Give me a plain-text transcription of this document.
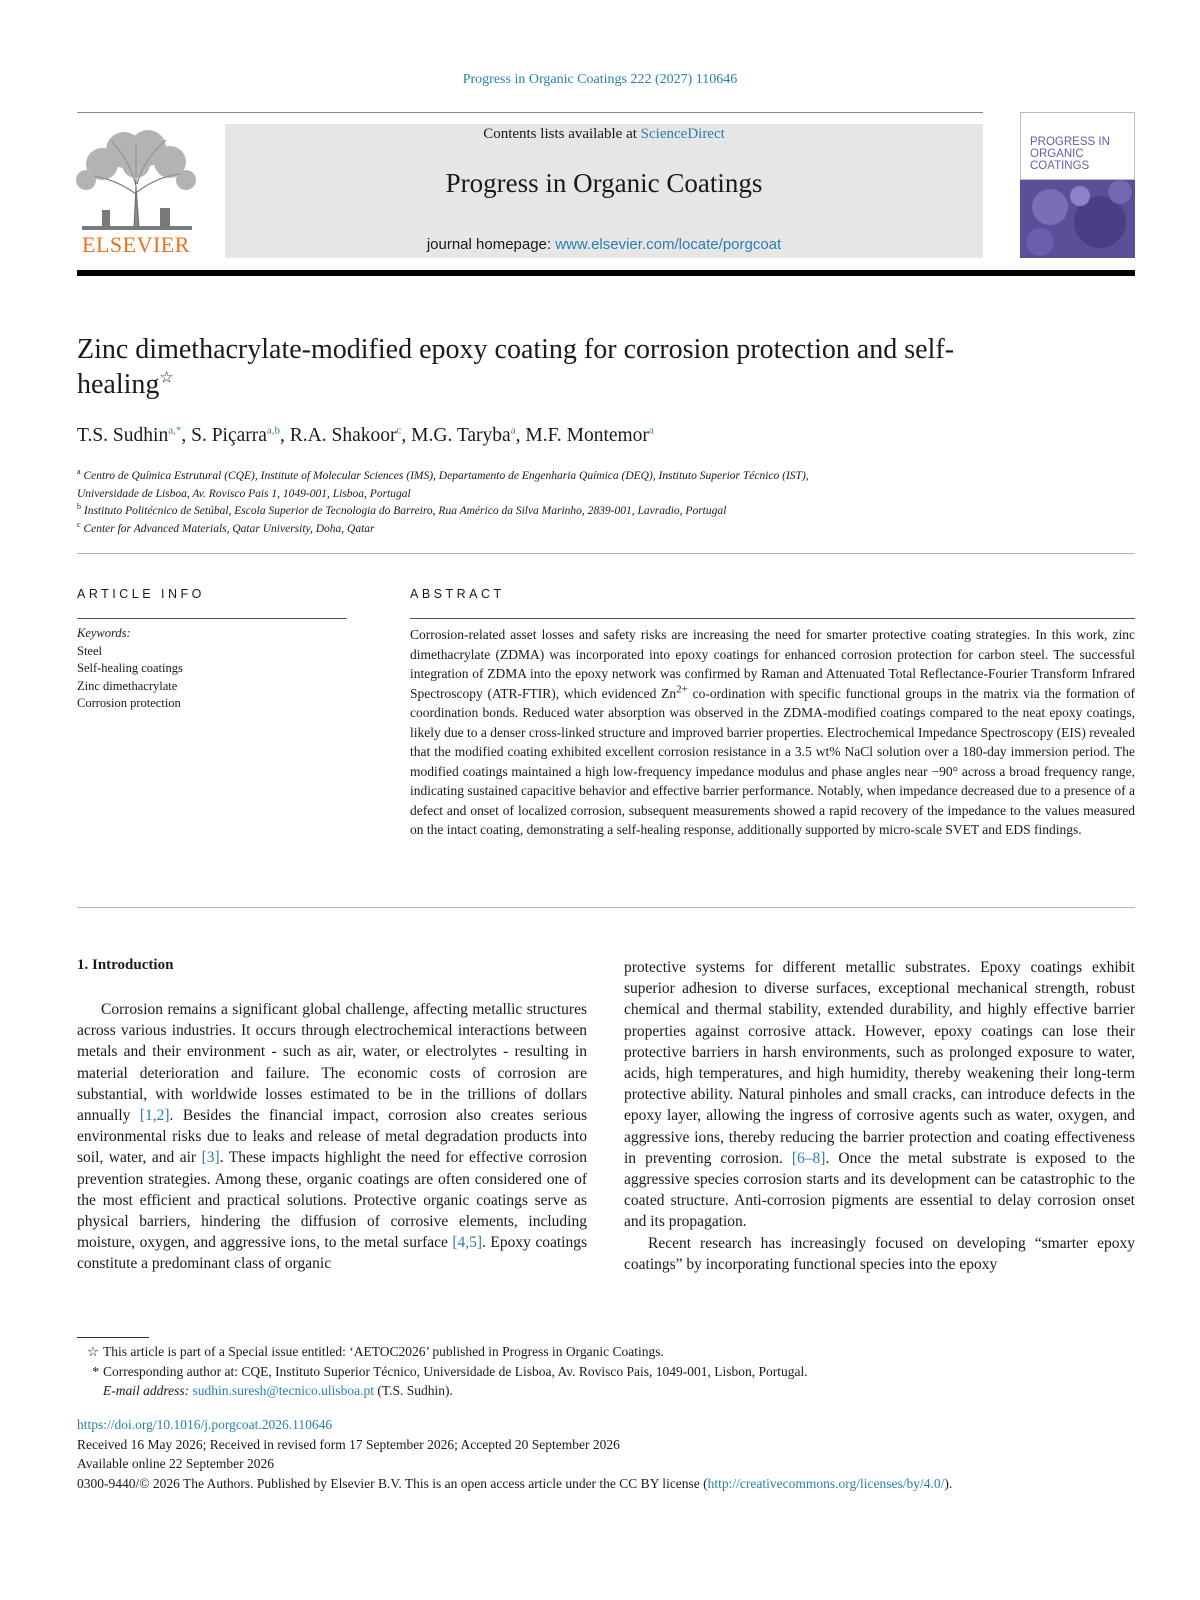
Progress in Organic Coatings 222 (2027) 110646
ELSEVIER
Contents lists available at ScienceDirect
Progress in Organic Coatings
journal homepage: www.elsevier.com/locate/porgcoat
PROGRESS IN ORGANIC COATINGS
Zinc dimethacrylate-modified epoxy coating for corrosion protection and self-healing☆
T.S. Sudhin$^{a,*}$, S. Piçarra$^{a,b}$, R.A. Shakoor$^c$, M.G. Taryba$^a$, M.F. Montemor$^a$
$^a$ Centro de Química Estrutural (CQE), Institute of Molecular Sciences (IMS), Departamento de Engenharia Química (DEQ), Instituto Superior Técnico (IST),
Universidade de Lisboa, Av. Rovisco Pais 1, 1049-001, Lisboa, Portugal
$^b$ Instituto Politécnico de Setúbal, Escola Superior de Tecnologia do Barreiro, Rua Américo da Silva Marinho, 2839-001, Lavradio, Portugal
$^c$ Center for Advanced Materials, Qatar University, Doha, Qatar
ARTICLE INFO
Keywords:
Steel
Self-healing coatings
Zinc dimethacrylate
Corrosion protection
ABSTRACT
Corrosion-related asset losses and safety risks are increasing the need for smarter protective coating strategies. In this work, zinc dimethacrylate (ZDMA) was incorporated into epoxy coatings for enhanced corrosion protection for carbon steel. The successful integration of ZDMA into the epoxy network was confirmed by Raman and Attenuated Total Reflectance-Fourier Transform Infrared Spectroscopy (ATR-FTIR), which evidenced $Zn^{2+}$ co-ordination with specific functional groups in the matrix via the formation of coordination bonds. Reduced water absorption was observed in the ZDMA-modified coatings compared to the neat epoxy coatings, likely due to a denser cross-linked structure and improved barrier properties. Electrochemical Impedance Spectroscopy (EIS) revealed that the modified coating exhibited excellent corrosion resistance in a 3.5 wt% NaCl solution over a 180-day immersion period. The modified coatings maintained a high low-frequency impedance modulus and phase angles near −90° across a broad frequency range, indicating sustained capacitive behavior and effective barrier performance. Notably, when impedance decreased due to a presence of a defect and onset of localized corrosion, subsequent measurements showed a rapid recovery of the impedance to the values measured on the intact coating, demonstrating a self-healing response, additionally supported by micro-scale SVET and EDS findings.
1. Introduction

Corrosion remains a significant global challenge, affecting metallic structures across various industries. It occurs through electrochemical interactions between metals and their environment - such as air, water, or electrolytes - resulting in material deterioration and failure. The economic costs of corrosion are substantial, with worldwide losses estimated to be in the trillions of dollars annually [1,2]. Besides the financial impact, corrosion also creates serious environmental risks due to leaks and release of metal degradation products into soil, water, and air [3]. These impacts highlight the need for effective corrosion prevention strategies. Among these, organic coatings are often considered one of the most efficient and practical solutions. Protective organic coatings serve as physical barriers, hindering the diffusion of corrosive elements, including moisture, oxygen, and aggressive ions, to the metal surface [4,5]. Epoxy coatings constitute a predominant class of organic

protective systems for different metallic substrates. Epoxy coatings exhibit superior adhesion to diverse surfaces, exceptional mechanical strength, robust chemical and thermal stability, extended durability, and highly effective barrier properties against corrosive attack. However, epoxy coatings can lose their protective barriers in harsh environments, such as prolonged exposure to water, acids, high temperatures, and high humidity, thereby weakening their long-term protective ability. Natural pinholes and small cracks, can introduce defects in the epoxy layer, allowing the ingress of corrosive agents such as water, oxygen, and aggressive ions, thereby reducing the barrier protection and coating effectiveness in preventing corrosion. [6–8]. Once the metal substrate is exposed to the aggressive species corrosion starts and its development can be catastrophic to the coated structure. Anti-corrosion pigments are essential to delay corrosion onset and its propagation.

Recent research has increasingly focused on developing “smarter epoxy coatings” by incorporating functional species into the epoxy

☆ This article is part of a Special issue entitled: ‘AETOC2026’ published in Progress in Organic Coatings.
* Corresponding author at: CQE, Instituto Superior Técnico, Universidade de Lisboa, Av. Rovisco Pais, 1049-001, Lisbon, Portugal.
E-mail address: sudhin.suresh@tecnico.ulisboa.pt (T.S. Sudhin).
https://doi.org/10.1016/j.porgcoat.2026.110646
Received 16 May 2026; Received in revised form 17 September 2026; Accepted 20 September 2026
Available online 22 September 2026
0300-9440/© 2026 The Authors. Published by Elsevier B.V. This is an open access article under the CC BY license (http://creativecommons.org/licenses/by/4.0/).
